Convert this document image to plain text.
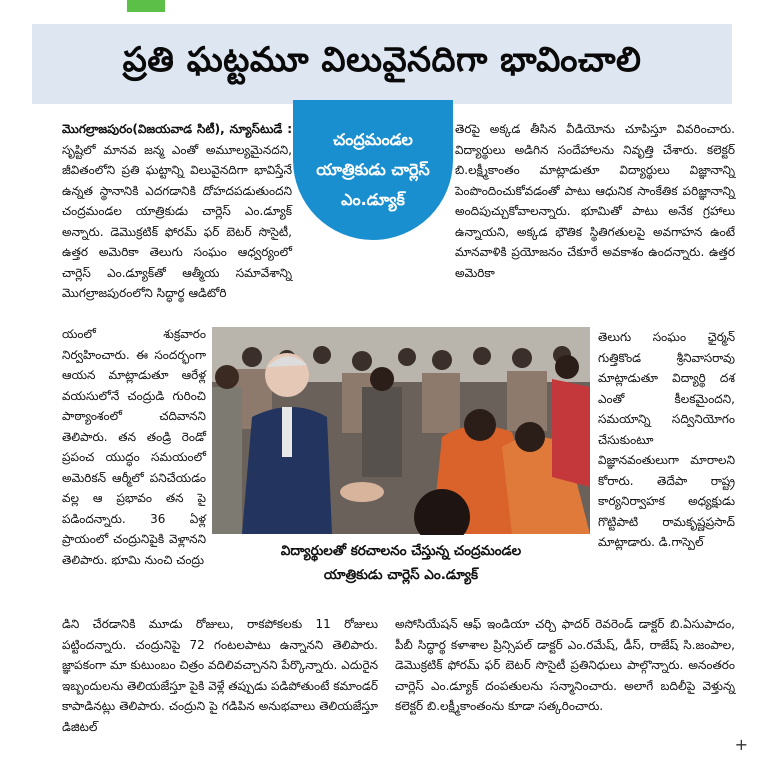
ప్రతి ఘట్టమూ విలువైనదిగా భావించాలి

మొగల్రాజపురం(విజయవాడ సిటీ), న్యూస్‌టుడే : సృష్టిలో మానవ జన్మ ఎంతో అమూల్యమైనదని, జీవితంలోని ప్రతి ఘట్టాన్ని విలువైనదిగా భావిస్తేనే ఉన్నత స్థానానికి ఎదగడానికి దోహదపడుతుందని చంద్రమండల యాత్రికుడు చార్లెస్ ఎం.డ్యూక్ అన్నారు. డెమొక్రటిక్ ఫోరమ్ ఫర్ బెటర్ సొసైటీ, ఉత్తర అమెరికా తెలుగు సంఘం ఆధ్వర్యంలో చార్లెస్ ఎం.డ్యూక్‌తో ఆత్మీయ సమావేశాన్ని మొగల్రాజపురంలోని సిద్ధార్థ ఆడిటోరి

యంలో శుక్రవారం నిర్వహించారు. ఈ సందర్భంగా ఆయన మాట్లాడుతూ ఆరేళ్ల వయసులోనే చంద్రుడి గురించి పాఠ్యాంశంలో చదివానని తెలిపారు. తన తండ్రి రెండో ప్రపంచ యుద్ధం సమయంలో అమెరికన్ ఆర్మీలో పనిచేయడం వల్ల ఆ ప్రభావం తన పై పడిందన్నారు. 36 ఏళ్ల ప్రాయంలో చంద్రునిపైకి వెళ్లానని తెలిపారు. భూమి నుంచి చంద్రు

డిని చేరడానికి మూడు రోజులు, రాకపోకలకు 11 రోజులు పట్టిందన్నారు. చంద్రునిపై 72 గంటలపాటు ఉన్నానని తెలిపారు. జ్ఞాపకంగా మా కుటుంబం చిత్రం వదిలివచ్చానని పేర్కొన్నారు. ఎదురైన ఇబ్బందులను తెలియజేస్తూ పైకి వెళ్లే తప్పుడు పడిపోతుంటే కమాండర్ కాపాడినట్లు తెలిపారు. చంద్రుని పై గడిపిన అనుభవాలు తెలియజేస్తూ డిజిటల్

చంద్రమండల
యాత్రికుడు చార్లెస్
ఎం.డ్యూక్

తెరపై అక్కడ తీసిన వీడియోను చూపిస్తూ వివరించారు. విద్యార్థులు అడిగిన సందేహాలను నివృత్తి చేశారు. కలెక్టర్ బి.లక్ష్మీకాంతం మాట్లాడుతూ విద్యార్థులు విజ్ఞానాన్ని పెంపొందించుకోవడంతో పాటు ఆధునిక సాంకేతిక పరిజ్ఞానాన్ని అందిపుచ్చుకోవాలన్నారు. భూమితో పాటు అనేక గ్రహాలు ఉన్నాయని, అక్కడ భౌతిక స్థితిగతులపై అవగాహన ఉంటే మానవాళికి ప్రయోజనం చేకూరే అవకాశం ఉందన్నారు. ఉత్తర అమెరికా

తెలుగు సంఘం ఛైర్మన్ గుత్తికొండ శ్రీనివాసరావు మాట్లాడుతూ విద్యార్థి దశ ఎంతో కీలకమైందని, సమయాన్ని సద్వినియోగం చేసుకుంటూ విజ్ఞానవంతులుగా మారాలని కోరారు. తెదేపా రాష్ట్ర కార్యనిర్వాహక అధ్యక్షుడు గొట్టిపాటి రామకృష్ణప్రసాద్ మాట్లాడారు. డి.గాస్పెల్

అసోసియేషన్ ఆఫ్ ఇండియా చర్చి ఫాదర్ రెవరెండ్ డాక్టర్ బి.ఏసుపాదం, పీబీ సిద్ధార్థ కళాశాల ప్రిన్సిపల్ డాక్టర్ ఎం.రమేష్, డీస్, రాజేష్ సి.జంపాల, డెమొక్రటిక్ ఫోరమ్ ఫర్ బెటర్ సొసైటీ ప్రతినిధులు పాల్గొన్నారు. అనంతరం చార్లెస్ ఎం.డ్యూక్ దంపతులను సన్మానించారు. అలాగే బదిలీపై వెళ్తున్న కలెక్టర్ బి.లక్ష్మీకాంతంను కూడా సత్కరించారు.

విద్యార్థులతో కరచాలనం చేస్తున్న చంద్రమండల
యాత్రికుడు చార్లెస్ ఎం.డ్యూక్
+
